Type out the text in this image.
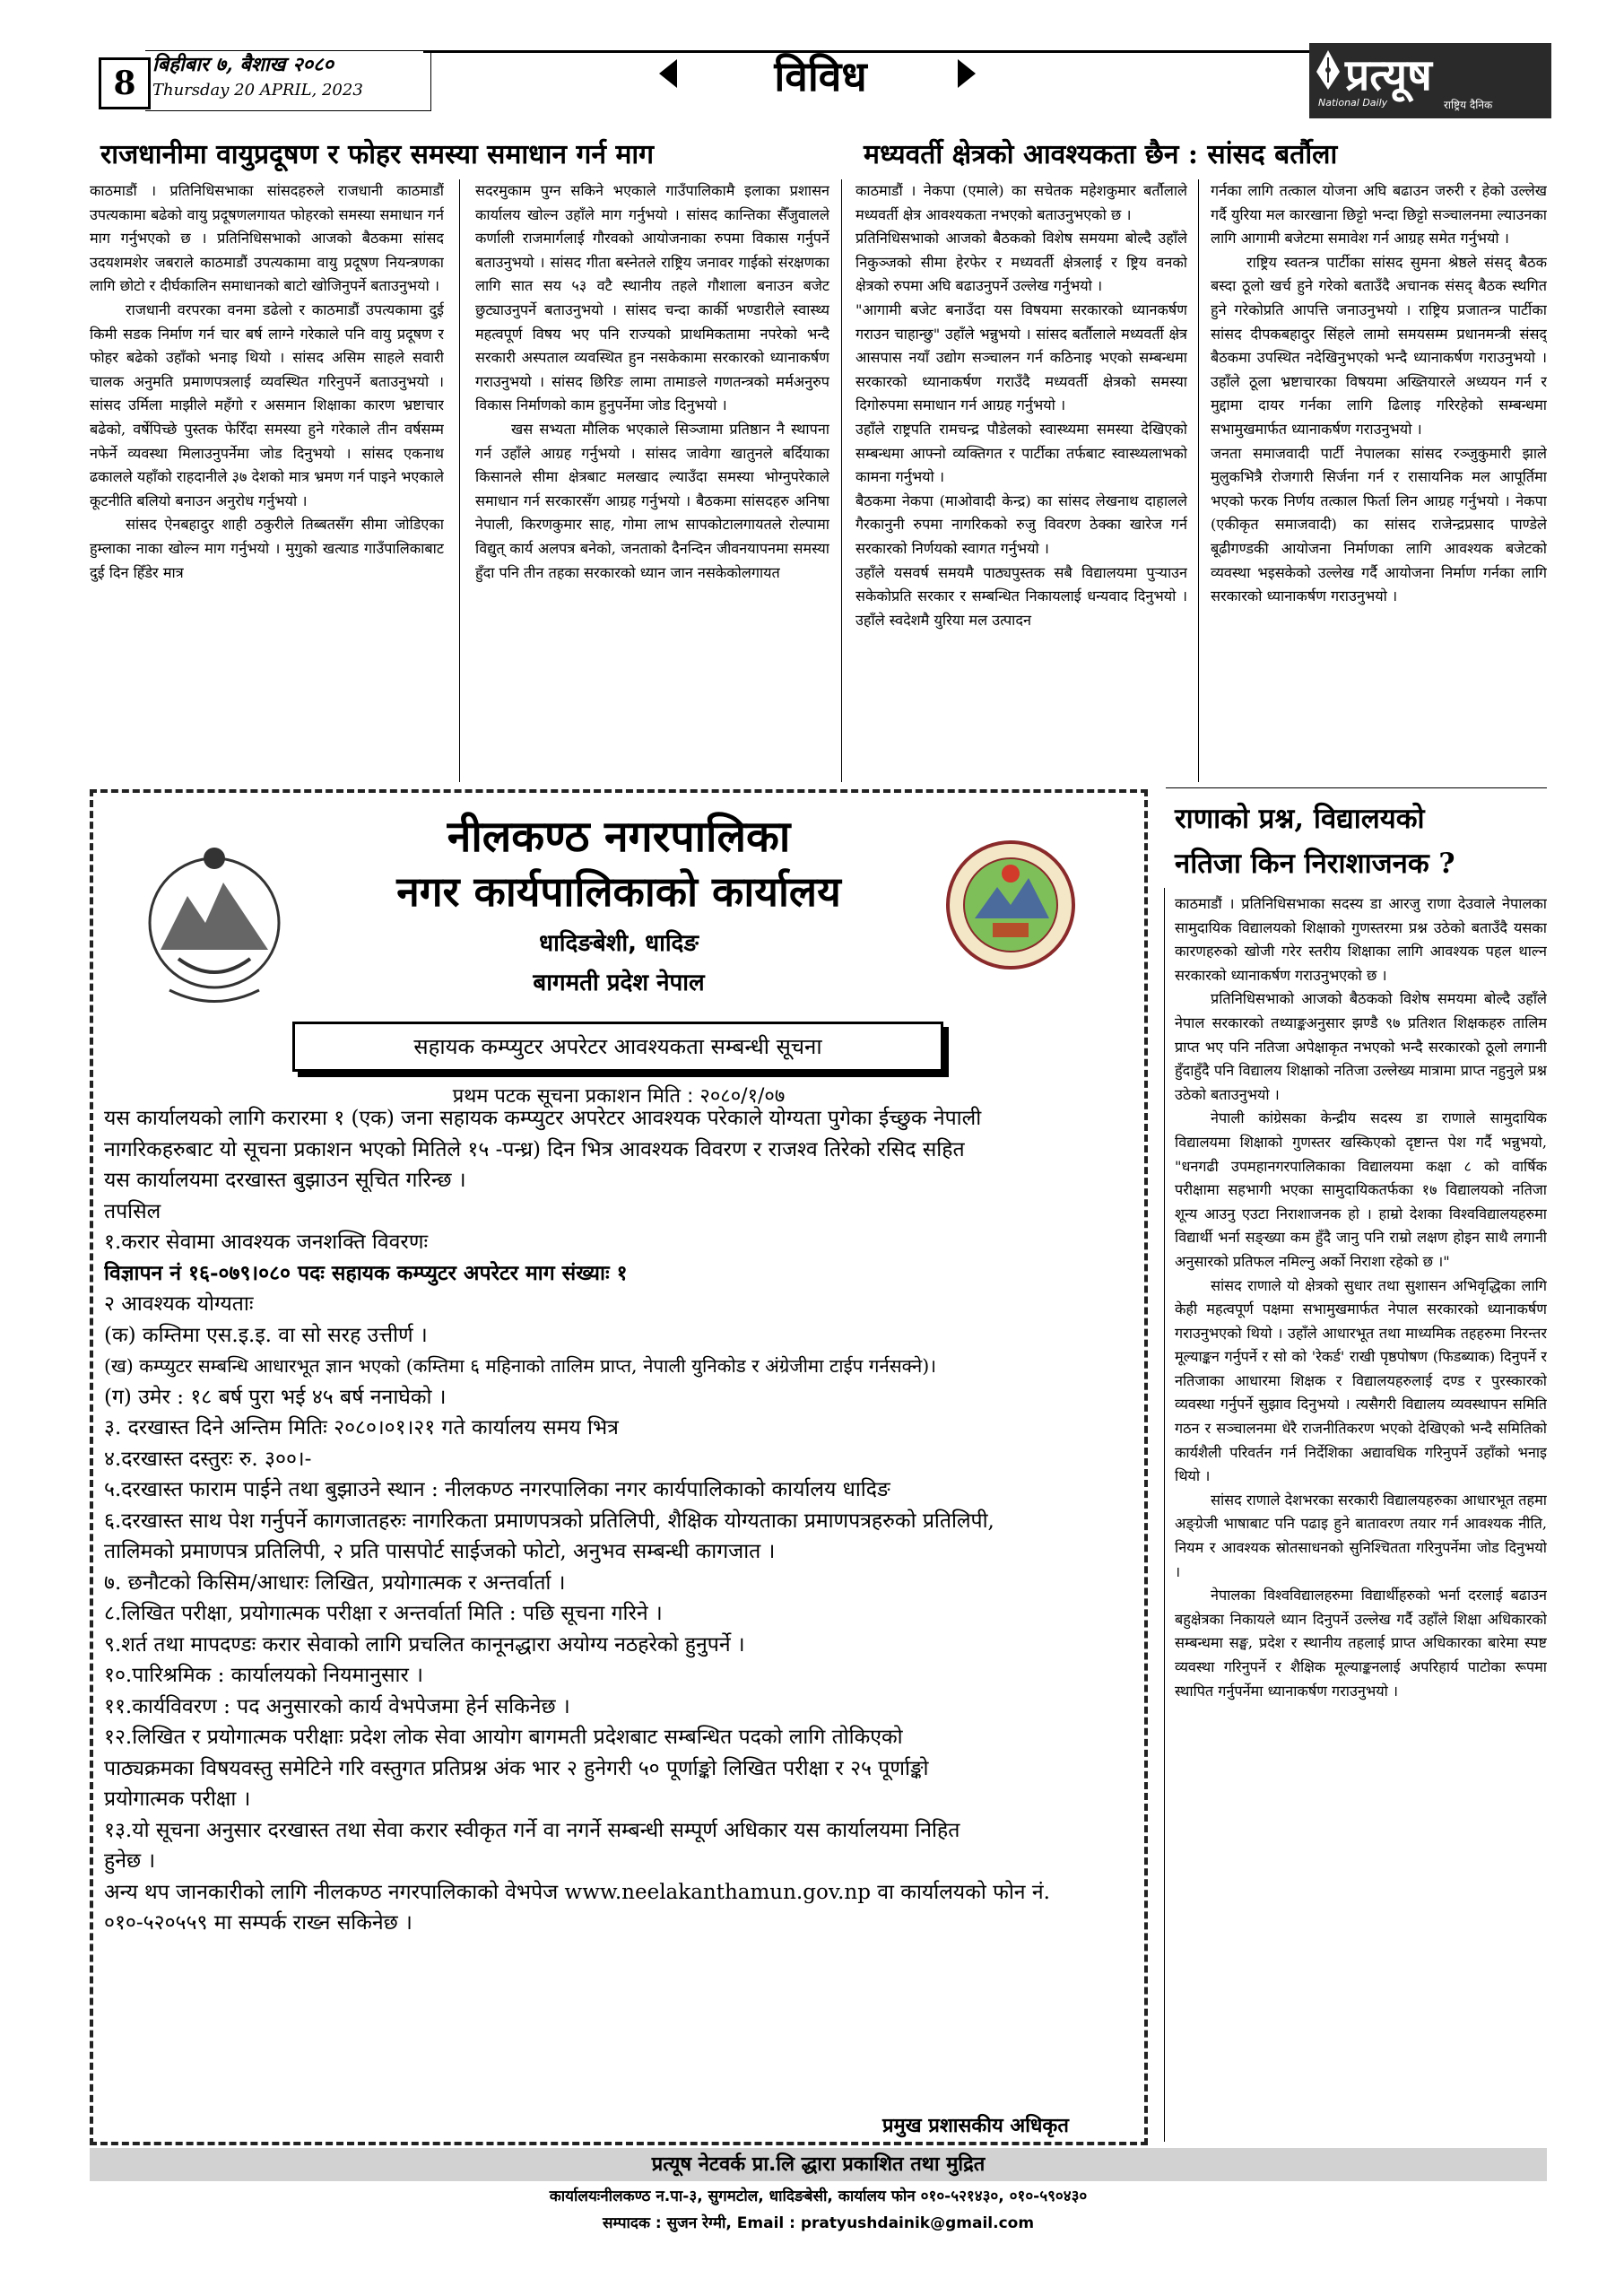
8 बिहीबार ७, बैशाख २०८०
Thursday 20 APRIL, 2023	विविध	प्रत्यूष
National Daily	राष्ट्रिय दैनिक
राजधानीमा वायुप्रदूषण र फोहर समस्या समाधान गर्न माग	मध्यवर्ती क्षेत्रको आवश्यकता छैन : सांसद बर्तौला

काठमाडौं । प्रतिनिधिसभाका सांसदहरुले राजधानी काठमाडौं उपत्यकामा बढेको वायु प्रदूषणलगायत फोहरको समस्या समाधान गर्न माग गर्नुभएको छ । प्रतिनिधिसभाको आजको बैठकमा सांसद उदयशमशेर जबराले काठमाडौं उपत्यकामा वायु प्रदूषण नियन्त्रणका लागि छोटो र दीर्घकालिन समाधानको बाटो खोजिनुपर्ने बताउनुभयो ।

राजधानी वरपरका वनमा डढेलो र काठमाडौं उपत्यकामा दुई किमी सडक निर्माण गर्न चार बर्ष लाग्ने गरेकाले पनि वायु प्रदूषण र फोहर बढेको उहाँको भनाइ थियो । सांसद असिम साहले सवारी चालक अनुमति प्रमाणपत्रलाई व्यवस्थित गरिनुपर्ने बताउनुभयो । सांसद उर्मिला माझीले महँगो र असमान शिक्षाका कारण भ्रष्टाचार बढेको, वर्षेपिच्छे पुस्तक फेरिँदा समस्या हुने गरेकाले तीन वर्षसम्म नफेर्ने व्यवस्था मिलाउनुपर्नेमा जोड दिनुभयो । सांसद एकनाथ ढकालले यहाँको राहदानीले ३७ देशको मात्र भ्रमण गर्न पाइने भएकाले कूटनीति बलियो बनाउन अनुरोध गर्नुभयो ।

सांसद ऐनबहादुर शाही ठकुरीले तिब्बतसँग सीमा जोडिएका हुम्लाका नाका खोल्न माग गर्नुभयो । मुगुको खत्याड गाउँपालिकाबाट दुई दिन हिँडेर मात्र

सदरमुकाम पुग्न सकिने भएकाले गाउँपालिकामै इलाका प्रशासन कार्यालय खोल्न उहाँले माग गर्नुभयो । सांसद कान्तिका सैँजुवालले कर्णाली राजमार्गलाई गौरवको आयोजनाका रुपमा विकास गर्नुपर्ने बताउनुभयो । सांसद गीता बस्नेतले राष्ट्रिय जनावर गाईको संरक्षणका लागि सात सय ५३ वटै स्थानीय तहले गौशाला बनाउन बजेट छुट्याउनुपर्ने बताउनुभयो । सांसद चन्दा कार्की भण्डारीले स्वास्थ्य महत्वपूर्ण विषय भए पनि राज्यको प्राथमिकतामा नपरेको भन्दै सरकारी अस्पताल व्यवस्थित हुन नसकेकामा सरकारको ध्यानाकर्षण गराउनुभयो । सांसद छिरिङ लामा तामाङले गणतन्त्रको मर्मअनुरुप विकास निर्माणको काम हुनुपर्नेमा जोड दिनुभयो ।

खस सभ्यता मौलिक भएकाले सिञ्जामा प्रतिष्ठान नै स्थापना गर्न उहाँले आग्रह गर्नुभयो । सांसद जावेगा खातुनले बर्दियाका किसानले सीमा क्षेत्रबाट मलखाद ल्याउँदा समस्या भोग्नुपरेकाले समाधान गर्न सरकारसँग आग्रह गर्नुभयो । बैठकमा सांसदहरु अनिषा नेपाली, किरणकुमार साह, गोमा लाभ सापकोटालगायतले रोल्पामा विद्युत् कार्य अलपत्र बनेको, जनताको दैनन्दिन जीवनयापनमा समस्या हुँदा पनि तीन तहका सरकारको ध्यान जान नसकेकोलगायत

काठमाडौं । नेकपा (एमाले) का सचेतक महेशकुमार बर्तौलाले मध्यवर्ती क्षेत्र आवश्यकता नभएको बताउनुभएको छ ।

प्रतिनिधिसभाको आजको बैठकको विशेष समयमा बोल्दै उहाँले निकुञ्जको सीमा हेरफेर र मध्यवर्ती क्षेत्रलाई र ष्ट्रिय वनको क्षेत्रको रुपमा अघि बढाउनुपर्ने उल्लेख गर्नुभयो ।

"आगामी बजेट बनाउँदा यस विषयमा सरकारको ध्यानकर्षण गराउन चाहान्छु" उहाँले भन्नुभयो । सांसद बर्तौलाले मध्यवर्ती क्षेत्र आसपास नयाँ उद्योग सञ्चालन गर्न कठिनाइ भएको सम्बन्धमा सरकारको ध्यानाकर्षण गराउँदै मध्यवर्ती क्षेत्रको समस्या दिगोरुपमा समाधान गर्न आग्रह गर्नुभयो ।

उहाँले राष्ट्रपति रामचन्द्र पौडेलको स्वास्थ्यमा समस्या देखिएको सम्बन्धमा आफ्नो व्यक्तिगत र पार्टीका तर्फबाट स्वास्थ्यलाभको कामना गर्नुभयो ।

बैठकमा नेकपा (माओवादी केन्द्र) का सांसद लेखनाथ दाहालले गैरकानुनी रुपमा नागरिकको रुजु विवरण ठेक्का खारेज गर्न सरकारको निर्णयको स्वागत गर्नुभयो ।

उहाँले यसवर्ष समयमै पाठ्यपुस्तक सबै विद्यालयमा पुऱ्याउन सकेकोप्रति सरकार र सम्बन्धित निकायलाई धन्यवाद दिनुभयो । उहाँले स्वदेशमै युरिया मल उत्पादन

गर्नका लागि तत्काल योजना अघि बढाउन जरुरी र हेको उल्लेख गर्दै युरिया मल कारखाना छिट्टो भन्दा छिट्टो सञ्चालनमा ल्याउनका लागि आगामी बजेटमा समावेश गर्न आग्रह समेत गर्नुभयो ।

राष्ट्रिय स्वतन्त्र पार्टीका सांसद सुमना श्रेष्ठले संसद् बैठक बस्दा ठूलो खर्च हुने गरेको बताउँदै अचानक संसद् बैठक स्थगित हुने गरेकोप्रति आपत्ति जनाउनुभयो । राष्ट्रिय प्रजातन्त्र पार्टीका सांसद दीपकबहादुर सिंहले लामो समयसम्म प्रधानमन्त्री संसद् बैठकमा उपस्थित नदेखिनुभएको भन्दै ध्यानाकर्षण गराउनुभयो । उहाँले ठूला भ्रष्टाचारका विषयमा अख्तियारले अध्ययन गर्न र मुद्दामा दायर गर्नका लागि ढिलाइ गरिरहेको सम्बन्धमा सभामुखमार्फत ध्यानाकर्षण गराउनुभयो ।

जनता समाजवादी पार्टी नेपालका सांसद रञ्जुकुमारी झाले मुलुकभित्रै रोजगारी सिर्जना गर्न र रासायनिक मल आपूर्तिमा भएको फरक निर्णय तत्काल फिर्ता लिन आग्रह गर्नुभयो । नेकपा (एकीकृत समाजवादी) का सांसद राजेन्द्रप्रसाद पाण्डेले बूढीगण्डकी आयोजना निर्माणका लागि आवश्यक बजेटको व्यवस्था भइसकेको उल्लेख गर्दै आयोजना निर्माण गर्नका लागि सरकारको ध्यानाकर्षण गराउनुभयो ।

नीलकण्ठ नगरपालिका
नगर कार्यपालिकाको कार्यालय
धादिङबेशी, धादिङ
बागमती प्रदेश नेपाल
सहायक कम्प्युटर अपरेटर आवश्यकता सम्बन्धी सूचना
प्रथम पटक सूचना प्रकाशन मिति : २०८०/१/०७
यस कार्यालयको लागि करारमा १ (एक) जना सहायक कम्प्युटर अपरेटर आवश्यक परेकाले योग्यता पुगेका ईच्छुक नेपाली
नागरिकहरुबाट यो सूचना प्रकाशन भएको मितिले १५ -पन्ध्र) दिन भित्र आवश्यक विवरण र राजश्व तिरेको रसिद सहित
यस कार्यालयमा दरखास्त बुझाउन सूचित गरिन्छ ।
तपसिल
१.करार सेवामा आवश्यक जनशक्ति विवरणः
विज्ञापन नं १६-०७९।०८० पदः सहायक कम्प्युटर अपरेटर माग संख्याः १
२ आवश्यक योग्यताः
(क) कम्तिमा एस.इ.इ. वा सो सरह उत्तीर्ण ।
(ख) कम्प्युटर सम्बन्धि आधारभूत ज्ञान भएको (कम्तिमा ६ महिनाको तालिम प्राप्त, नेपाली युनिकोड र अंग्रेजीमा टाईप गर्नसक्ने)।
(ग) उमेर : १८ बर्ष पुरा भई ४५ बर्ष ननाघेको ।
३. दरखास्त दिने अन्तिम मितिः २०८०।०१।२१ गते कार्यालय समय भित्र
४.दरखास्त दस्तुरः रु. ३००।-
५.दरखास्त फाराम पाईने तथा बुझाउने स्थान : नीलकण्ठ नगरपालिका नगर कार्यपालिकाको कार्यालय धादिङ
६.दरखास्त साथ पेश गर्नुपर्ने कागजातहरुः नागरिकता प्रमाणपत्रको प्रतिलिपी, शैक्षिक योग्यताका प्रमाणपत्रहरुको प्रतिलिपी,
तालिमको प्रमाणपत्र प्रतिलिपी, २ प्रति पासपोर्ट साईजको फोटो, अनुभव सम्बन्धी कागजात ।
७. छनौटको किसिम/आधारः लिखित, प्रयोगात्मक र अन्तर्वार्ता ।
८.लिखित परीक्षा, प्रयोगात्मक परीक्षा र अन्तर्वार्ता मिति : पछि सूचना गरिने ।
९.शर्त तथा मापदण्डः करार सेवाको लागि प्रचलित कानूनद्धारा अयोग्य नठहरेको हुनुपर्ने ।
१०.पारिश्रमिक : कार्यालयको नियमानुसार ।
११.कार्यविवरण : पद अनुसारको कार्य वेभपेजमा हेर्न सकिनेछ ।
१२.लिखित र प्रयोगात्मक परीक्षाः प्रदेश लोक सेवा आयोग बागमती प्रदेशबाट सम्बन्धित पदको लागि तोकिएको
पाठ्यक्रमका विषयवस्तु समेटिने गरि वस्तुगत प्रतिप्रश्न अंक भार २ हुनेगरी ५० पूर्णाङ्को लिखित परीक्षा र २५ पूर्णाङ्को
प्रयोगात्मक परीक्षा ।
१३.यो सूचना अनुसार दरखास्त तथा सेवा करार स्वीकृत गर्ने वा नगर्ने सम्बन्धी सम्पूर्ण अधिकार यस कार्यालयमा निहित
हुनेछ ।
अन्य थप जानकारीको लागि नीलकण्ठ नगरपालिकाको वेभपेज www.neelakanthamun.gov.np वा कार्यालयको फोन नं.
०१०-५२०५५९ मा सम्पर्क राख्न सकिनेछ ।
प्रमुख प्रशासकीय अधिकृत
राणाको प्रश्न, विद्यालयको
नतिजा किन निराशाजनक ?

काठमाडौं । प्रतिनिधिसभाका सदस्य डा आरजु राणा देउवाले नेपालका सामुदायिक विद्यालयको शिक्षाको गुणस्तरमा प्रश्न उठेको बताउँदै यसका कारणहरुको खोजी गरेर स्तरीय शिक्षाका लागि आवश्यक पहल थाल्न सरकारको ध्यानाकर्षण गराउनुभएको छ ।

प्रतिनिधिसभाको आजको बैठकको विशेष समयमा बोल्दै उहाँले नेपाल सरकारको तथ्याङ्कअनुसार झण्डै ९७ प्रतिशत शिक्षकहरु तालिम प्राप्त भए पनि नतिजा अपेक्षाकृत नभएको भन्दै सरकारको ठूलो लगानी हुँदाहुँदै पनि विद्यालय शिक्षाको नतिजा उल्लेख्य मात्रामा प्राप्त नहुनुले प्रश्न उठेको बताउनुभयो ।

नेपाली कांग्रेसका केन्द्रीय सदस्य डा राणाले सामुदायिक विद्यालयमा शिक्षाको गुणस्तर खस्किएको दृष्टान्त पेश गर्दै भन्नुभयो, "धनगढी उपमहानगरपालिकाका विद्यालयमा कक्षा ८ को वार्षिक परीक्षामा सहभागी भएका सामुदायिकतर्फका १७ विद्यालयको नतिजा शून्य आउनु एउटा निराशाजनक हो । हाम्रो देशका विश्वविद्यालयहरुमा विद्यार्थी भर्ना सङ्ख्या कम हुँदै जानु पनि राम्रो लक्षण होइन साथै लगानी अनुसारको प्रतिफल नमिल्नु अर्को निराशा रहेको छ ।"

सांसद राणाले यो क्षेत्रको सुधार तथा सुशासन अभिवृद्धिका लागि केही महत्वपूर्ण पक्षमा सभामुखमार्फत नेपाल सरकारको ध्यानाकर्षण गराउनुभएको थियो । उहाँले आधारभूत तथा माध्यमिक तहहरुमा निरन्तर मूल्याङ्कन गर्नुपर्ने र सो को 'रेकर्ड' राखी पृष्ठपोषण (फिडब्याक) दिनुपर्ने र नतिजाका आधारमा शिक्षक र विद्यालयहरुलाई दण्ड र पुरस्कारको व्यवस्था गर्नुपर्ने सुझाव दिनुभयो । त्यसैगरी विद्यालय व्यवस्थापन समिति गठन र सञ्चालनमा धेरै राजनीतिकरण भएको देखिएको भन्दै समितिको कार्यशैली परिवर्तन गर्न निर्देशिका अद्यावधिक गरिनुपर्ने उहाँको भनाइ थियो ।

सांसद राणाले देशभरका सरकारी विद्यालयहरुका आधारभूत तहमा अङ्ग्रेजी भाषाबाट पनि पढाइ हुने बातावरण तयार गर्न आवश्यक नीति, नियम र आवश्यक स्रोतसाधनको सुनिश्चितता गरिनुपर्नेमा जोड दिनुभयो ।

नेपालका विश्वविद्यालहरुमा विद्यार्थीहरुको भर्ना दरलाई बढाउन बहुक्षेत्रका निकायले ध्यान दिनुपर्ने उल्लेख गर्दै उहाँले शिक्षा अधिकारको सम्बन्धमा सङ्घ, प्रदेश र स्थानीय तहलाई प्राप्त अधिकारका बारेमा स्पष्ट व्यवस्था गरिनुपर्ने र शैक्षिक मूल्याङ्कनलाई अपरिहार्य पाटोका रूपमा स्थापित गर्नुपर्नेमा ध्यानाकर्षण गराउनुभयो ।

प्रत्यूष नेटवर्क प्रा.लि द्धारा प्रकाशित तथा मुद्रित
कार्यालयःनीलकण्ठ न.पा-३, सुगमटोल, धादिङबेसी, कार्यालय फोन ०१०-५२१४३०, ०१०-५९०४३०
सम्पादक : सुजन रेग्मी, Email : pratyushdainik@gmail.com
